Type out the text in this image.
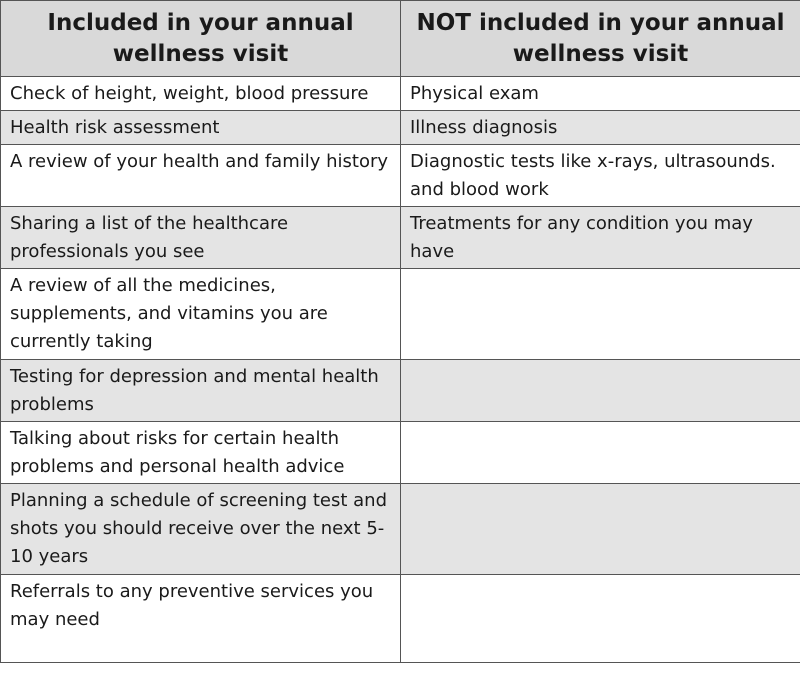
Included in your annual wellness visit	NOT included in your annual wellness visit
Check of height, weight, blood pressure	Physical exam
Health risk assessment	Illness diagnosis
A review of your health and family history	Diagnostic tests like x-rays, ultrasounds. and blood work
Sharing a list of the healthcare professionals you see	Treatments for any condition you may have
A review of all the medicines, supplements, and vitamins you are currently taking	
Testing for depression and mental health problems	
Talking about risks for certain health problems and personal health advice	
Planning a schedule of screening test and shots you should receive over the next 5-10 years	
Referrals to any preventive services you may need	
